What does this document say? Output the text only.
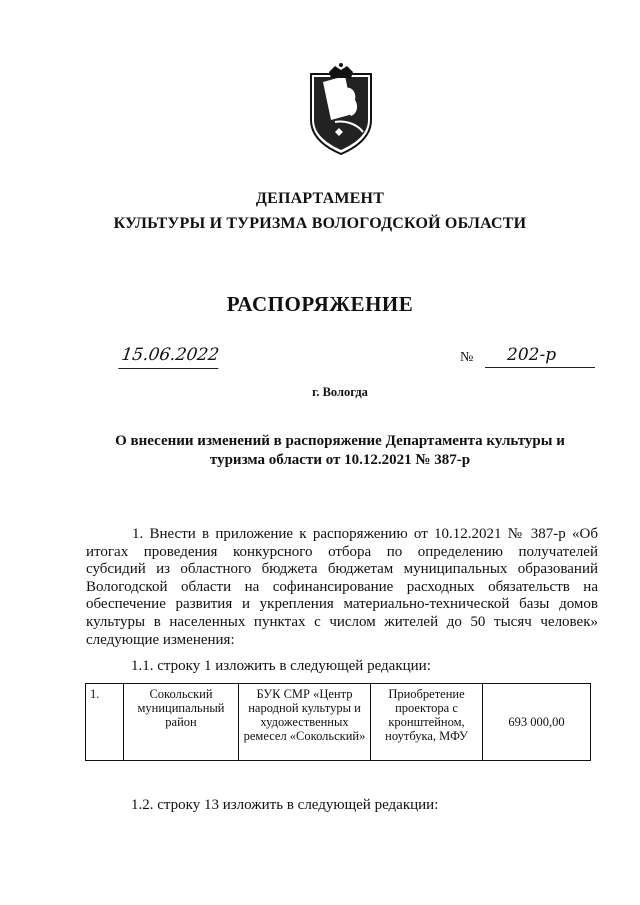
ДЕПАРТАМЕНТ
КУЛЬТУРЫ И ТУРИЗМА ВОЛОГОДСКОЙ ОБЛАСТИ
РАСПОРЯЖЕНИЕ
15.06.2022	№	202-р
г. Вологда
О внесении изменений в распоряжение Департамента культуры и туризма области от 10.12.2021 № 387-р
1. Внести в приложение к распоряжению от 10.12.2021 № 387-р «Об
итогах проведения конкурсного отбора по определению получателей
субсидий из областного бюджета бюджетам муниципальных образований
Вологодской области на софинансирование расходных обязательств на
обеспечение развития и укрепления материально-технической базы домов
культуры в населенных пунктах с числом жителей до 50 тысяч человек»
следующие изменения:
1.1. строку 1 изложить в следующей редакции:
1.	Сокольский муниципальный район	БУК СМР «Центр народной культуры и художественных ремесел «Сокольский»	Приобретение проектора с кронштейном, ноутбука, МФУ	693 000,00
1.2. строку 13 изложить в следующей редакции:
